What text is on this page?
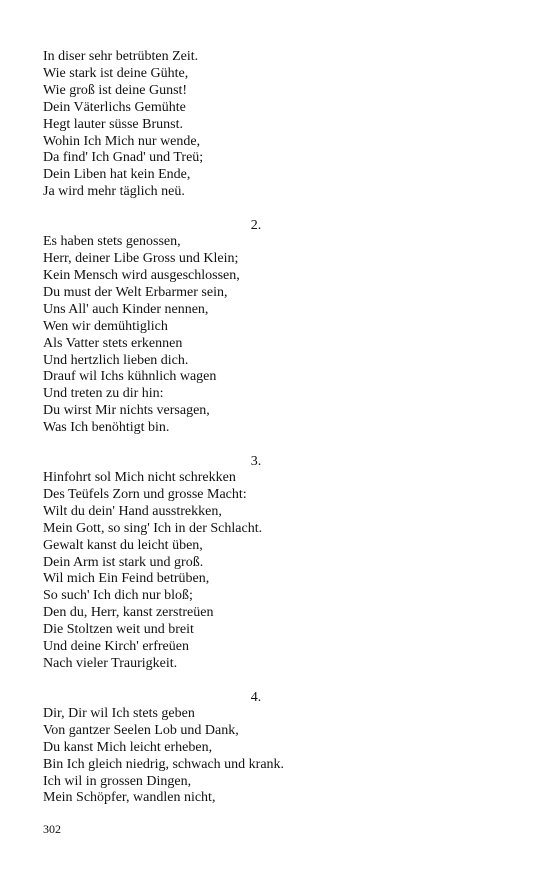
In diser sehr betrübten Zeit.
Wie stark ist deine Gühte,
Wie groß ist deine Gunst!
Dein Väterlichs Gemühte
Hegt lauter süsse Brunst.
Wohin Ich Mich nur wende,
Da find' Ich Gnad' und Treü;
Dein Liben hat kein Ende,
Ja wird mehr täglich neü.
2.
Es haben stets genossen,
Herr, deiner Libe Gross und Klein;
Kein Mensch wird ausgeschlossen,
Du must der Welt Erbarmer sein,
Uns All' auch Kinder nennen,
Wen wir demühtiglich
Als Vatter stets erkennen
Und hertzlich lieben dich.
Drauf wil Ichs kühnlich wagen
Und treten zu dir hin:
Du wirst Mir nichts versagen,
Was Ich benöhtigt bin.
3.
Hinfohrt sol Mich nicht schrekken
Des Teüfels Zorn und grosse Macht:
Wilt du dein' Hand ausstrekken,
Mein Gott, so sing' Ich in der Schlacht.
Gewalt kanst du leicht üben,
Dein Arm ist stark und groß.
Wil mich Ein Feind betrüben,
So such' Ich dich nur bloß;
Den du, Herr, kanst zerstreüen
Die Stoltzen weit und breit
Und deine Kirch' erfreüen
Nach vieler Traurigkeit.
4.
Dir, Dir wil Ich stets geben
Von gantzer Seelen Lob und Dank,
Du kanst Mich leicht erheben,
Bin Ich gleich niedrig, schwach und krank.
Ich wil in grossen Dingen,
Mein Schöpfer, wandlen nicht,
302
